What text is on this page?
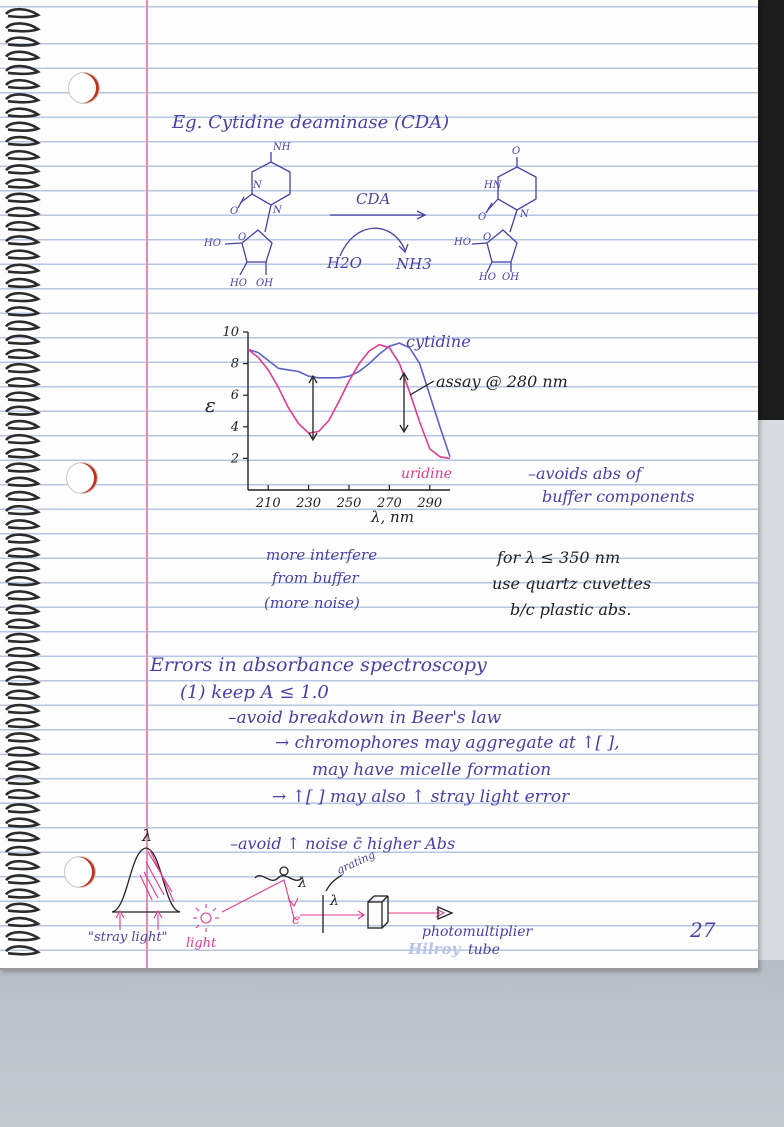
Eg. Cytidine deaminase (CDA)
NH
N
N
O
HO
O
HO OH
CDA
H2O NH3
O
HN
N
O
HO O
HO OH
210 230 250 270 290
10
8
6
4
2
ε
λ, nm
cytidine
uridine
assay @ 280 nm
–avoids abs of
buffer components
more interfere
from buffer
(more noise)
for λ ≤ 350 nm
use quartz cuvettes
b/c plastic abs.
Errors in absorbance spectroscopy
(1) keep A ≤ 1.0
–avoid breakdown in Beer's law
→ chromophores may aggregate at ↑[ ],
may have micelle formation
→ ↑[ ] may also ↑ stray light error
–avoid ↑ noise c̄ higher Abs
λ
"stray light" light
λ
c
λ
grating
photomultiplier
tube
Hilroy
27
